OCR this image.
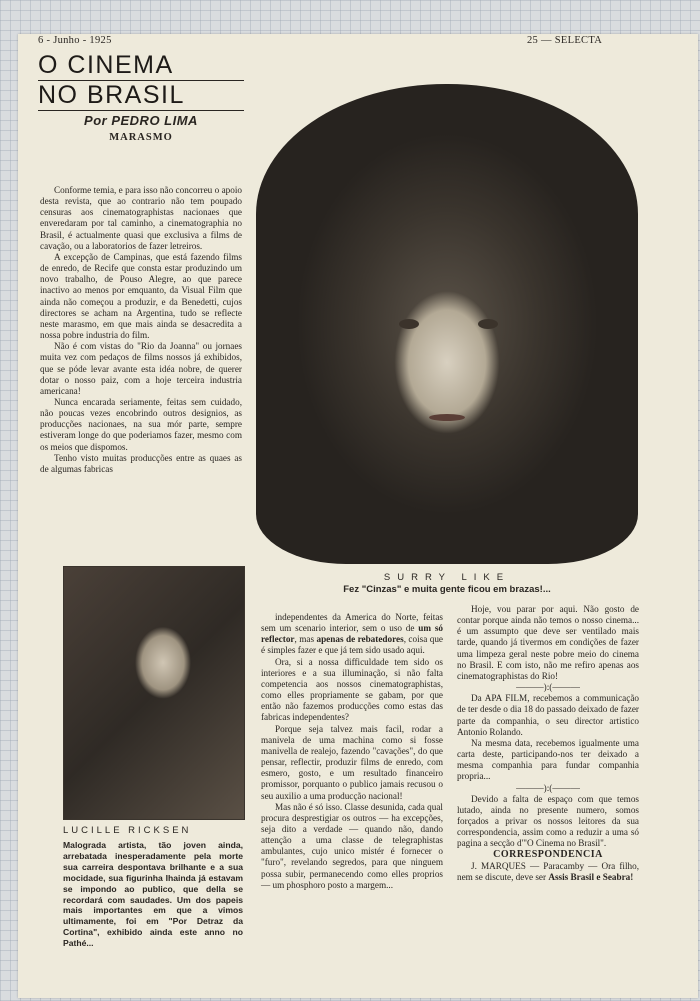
6 - Junho - 1925	25 — SELECTA
O CINEMA
NO BRASIL
Por PEDRO LIMA
MARASMO

Conforme temia, e para isso não concorreu o apoio desta revista, que ao contrario não tem poupado censuras aos cinematographistas nacionaes que enveredaram por tal caminho, a cinematographia no Brasil, é actualmente quasi que exclusiva a films de cavação, ou a laboratorios de fazer letreiros.

A excepção de Campinas, que está fazendo films de enredo, de Recife que consta estar produzindo um novo trabalho, de Pouso Alegre, ao que parece inactivo ao menos por emquanto, da Visual Film que ainda não começou a produzir, e da Benedetti, cujos directores se acham na Argentina, tudo se reflecte neste marasmo, em que mais ainda se desacredita a nossa pobre industria do film.

Não é com vistas do "Rio da Joanna" ou jornaes muita vez com pedaços de films nossos já exhibidos, que se póde levar avante esta idéa nobre, de querer dotar o nosso paiz, com a hoje terceira industria americana!

Nunca encarada seriamente, feitas sem cuidado, não poucas vezes encobrindo outros designios, as producções nacionaes, na sua mór parte, sempre estiveram longe do que poderiamos fazer, mesmo com os meios que dispomos.

Tenho visto muitas producções entre as quaes as de algumas fabricas

SURRY LIKE
Fez "Cinzas" e muita gente ficou em brazas!...
LUCILLE RICKSEN

Malograda artista, tão joven ainda, arrebatada inesperadamente pela morte sua carreira despontava brilhante e a sua mocidade, sua figurinha Ihainda já estavam se impondo ao publico, que della se recordará com saudades. Um dos papeis mais importantes em que a vimos ultimamente, foi em "Por Detraz da Cortina", exhibido ainda este anno no Pathé...

independentes da America do Norte, feitas sem um scenario interior, sem o uso de um só reflector, mas apenas de rebatedores, coisa que é simples fazer e que já tem sido usado aqui.

Ora, si a nossa difficuldade tem sido os interiores e a sua illuminação, si não falta competencia aos nossos cinematographistas, como elles propriamente se gabam, por que então não fazemos producções como estas das fabricas independentes?

Porque seja talvez mais facil, rodar a manivela de uma machina como si fosse manivella de realejo, fazendo "cavações", do que pensar, reflectir, produzir films de enredo, com esmero, gosto, e um resultado financeiro promissor, porquanto o publico jamais recusou o seu auxilio a uma producção nacional!

Mas não é só isso. Classe desunida, cada qual procura desprestigiar os outros — ha excepções, seja dito a verdade — quando não, dando attenção a uma classe de telegraphistas ambulantes, cujo unico mistér é fornecer o "furo", revelando segredos, para que ninguem possa subir, permanecendo como elles proprios — um phosphoro posto a margem...

Hoje, vou parar por aqui. Não gosto de contar porque ainda não temos o nosso cinema... é um assumpto que deve ser ventilado mais tarde, quando já tivermos em condições de fazer uma limpeza geral neste pobre meio do cinema no Brasil. E com isto, não me refiro apenas aos cinematographistas do Rio!

———):(———

Da APA FILM, recebemos a communicação de ter desde o dia 18 do passado deixado de fazer parte da companhia, o seu director artistico Antonio Rolando.

Na mesma data, recebemos igualmente uma carta deste, participando-nos ter deixado a mesma companhia para fundar companhia propria...

———):(———

Devido a falta de espaço com que temos lutado, ainda no presente numero, somos forçados a privar os nossos leitores da sua correspondencia, assim como a reduzir a uma só pagina a secção d'"O Cinema no Brasil".

CORRESPONDENCIA

J. MARQUES — Paracamby — Ora filho, nem se discute, deve ser Assis Brasil e Seabra!
